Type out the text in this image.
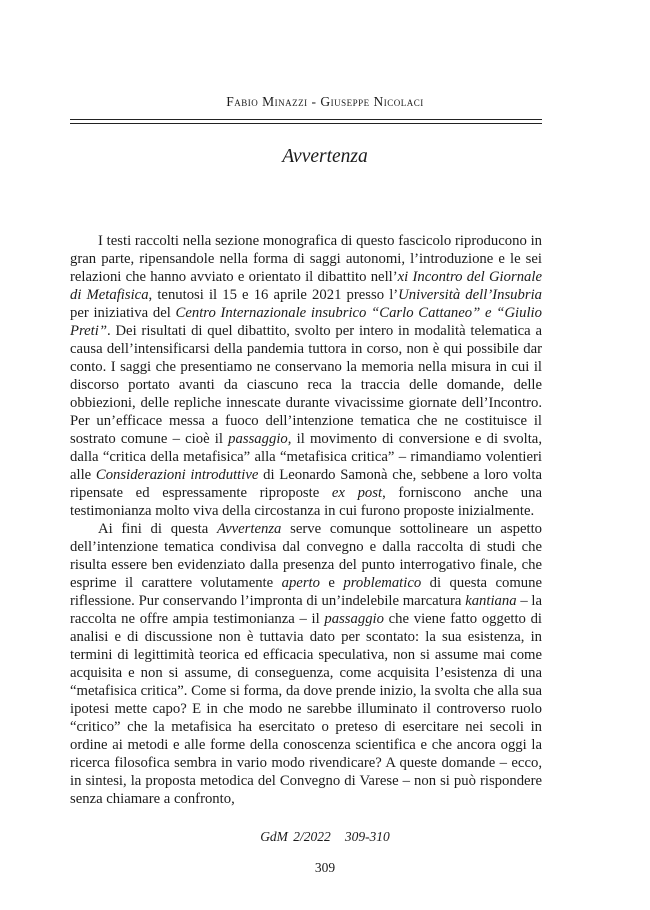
Fabio Minazzi - Giuseppe Nicolaci
Avvertenza

I testi raccolti nella sezione monografica di questo fascicolo riproducono in gran parte, ripensandole nella forma di saggi autonomi, l’introduzione e le sei relazioni che hanno avviato e orientato il dibattito nell’xi Incontro del Giornale di Metafisica, tenutosi il 15 e 16 aprile 2021 presso l’Università dell’Insubria per iniziativa del Centro Internazionale insubrico “Carlo Cattaneo” e “Giulio Preti”. Dei risultati di quel dibattito, svolto per intero in modalità telematica a causa dell’intensificarsi della pandemia tuttora in corso, non è qui possibile dar conto. I saggi che presentiamo ne conservano la memoria nella misura in cui il discorso portato avanti da ciascuno reca la traccia delle domande, delle obbiezioni, delle repliche innescate durante vivacissime giornate dell’Incontro. Per un’efficace messa a fuoco dell’intenzione tematica che ne costituisce il sostrato comune – cioè il passaggio, il movimento di conversione e di svolta, dalla “critica della metafisica” alla “metafisica critica” – rimandiamo volentieri alle Considerazioni introduttive di Leonardo Samonà che, sebbene a loro volta ripensate ed espressamente riproposte ex post, forniscono anche una testimonianza molto viva della circostanza in cui furono proposte inizialmente.

Ai fini di questa Avvertenza serve comunque sottolineare un aspetto dell’intenzione tematica condivisa dal convegno e dalla raccolta di studi che risulta essere ben evidenziato dalla presenza del punto interrogativo finale, che esprime il carattere volutamente aperto e problematico di questa comune riflessione. Pur conservando l’impronta di un’indelebile marcatura kantiana – la raccolta ne offre ampia testimonianza – il passaggio che viene fatto oggetto di analisi e di discussione non è tuttavia dato per scontato: la sua esistenza, in termini di legittimità teorica ed efficacia speculativa, non si assume mai come acquisita e non si assume, di conseguenza, come acquisita l’esistenza di una “metafisica critica”. Come si forma, da dove prende inizio, la svolta che alla sua ipotesi mette capo? E in che modo ne sarebbe illuminato il controverso ruolo “critico” che la metafisica ha esercitato o preteso di esercitare nei secoli in ordine ai metodi e alle forme della conoscenza scientifica e che ancora oggi la ricerca filosofica sembra in vario modo rivendicare? A queste domande – ecco, in sintesi, la proposta metodica del Convegno di Varese – non si può rispondere senza chiamare a confronto,

GdM 2/2022 309-310
309
